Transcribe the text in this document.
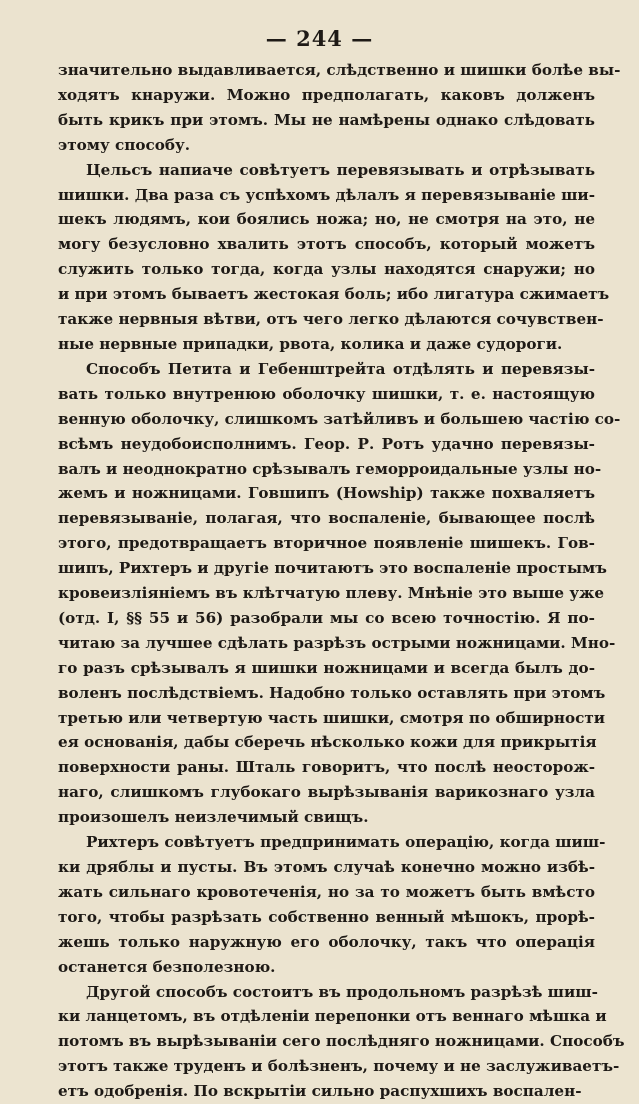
— 244 —
значительно выдавливается, слѣдственно и шишки болѣе вы-
ходятъ кнаружи. Можно предполагать, каковъ долженъ
быть крикъ при этомъ. Мы не намѣрены однако слѣдовать
этому способу.
Цельсъ напиаче совѣтуетъ перевязывать и отрѣзывать
шишки. Два раза съ успѣхомъ дѣлалъ я перевязываніе ши-
шекъ людямъ, кои боялись ножа; но, не смотря на это, не
могу безусловно хвалить этотъ способъ, который можетъ
служить только тогда, когда узлы находятся снаружи; но
и при этомъ бываетъ жестокая боль; ибо лигатура сжимаетъ
также нервныя вѣтви, отъ чего легко дѣлаются сочувствен-
ные нервные припадки, рвота, колика и даже судороги.
Способъ Петита и Гебенштрейта отдѣлять и перевязы-
вать только внутренюю оболочку шишки, т. е. настоящую
венную оболочку, слишкомъ затѣйливъ и большею частію со-
всѣмъ неудобоисполнимъ. Геор. Р. Ротъ удачно перевязы-
валъ и неоднократно срѣзывалъ геморроидальные узлы но-
жемъ и ножницами. Говшипъ (Howship) также похваляетъ
перевязываніе, полагая, что воспаленіе, бывающее послѣ
этого, предотвращаетъ вторичное появленіе шишекъ. Гов-
шипъ, Рихтеръ и другіе почитаютъ это воспаленіе простымъ
кровеизліяніемъ въ клѣтчатую плеву. Мнѣніе это выше уже
(отд. I, §§ 55 и 56) разобрали мы со всею точностію. Я по-
читаю за лучшее сдѣлать разрѣзъ острыми ножницами. Мно-
го разъ срѣзывалъ я шишки ножницами и всегда былъ до-
воленъ послѣдствіемъ. Надобно только оставлять при этомъ
третью или четвертую часть шишки, смотря по обширности
ея основанія, дабы сберечь нѣсколько кожи для прикрытія
поверхности раны. Шталь говоритъ, что послѣ неосторож-
наго, слишкомъ глубокаго вырѣзыванія варикознаго узла
произошелъ неизлечимый свищъ.
Рихтеръ совѣтуетъ предпринимать операцію, когда шиш-
ки дряблы и пусты. Въ этомъ случаѣ конечно можно избѣ-
жать сильнаго кровотеченія, но за то можетъ быть вмѣсто
того, чтобы разрѣзать собственно венный мѣшокъ, прорѣ-
жешь только наружную его оболочку, такъ что операція
останется безполезною.
Другой способъ состоитъ въ продольномъ разрѣзѣ шиш-
ки ланцетомъ, въ отдѣленіи перепонки отъ веннаго мѣшка и
потомъ въ вырѣзываніи сего послѣдняго ножницами. Способъ
этотъ также труденъ и болѣзненъ, почему и не заслуживаетъ-
етъ одобренія. По вскрытіи сильно распухшихъ воспален-
